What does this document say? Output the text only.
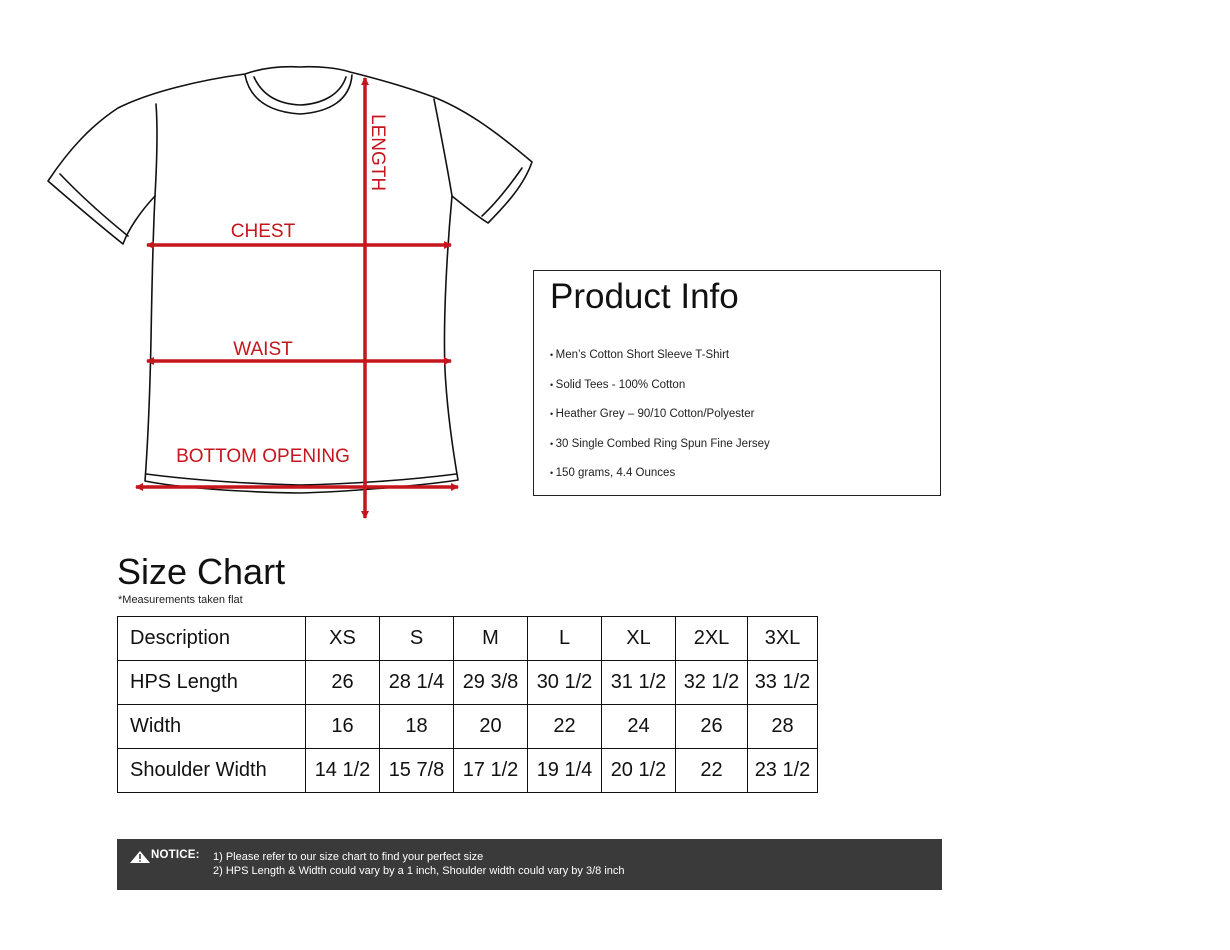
LENGTH
CHEST
WAIST
BOTTOM OPENING
Product Info
• Men’s Cotton Short Sleeve T-Shirt
• Solid Tees - 100% Cotton
• Heather Grey – 90/10 Cotton/Polyester
• 30 Single Combed Ring Spun Fine Jersey
• 150 grams, 4.4 Ounces
Size Chart
*Measurements taken flat
Description	XS	S	M	L	XL	2XL	3XL
HPS Length	26	28 1/4	29 3/8	30 1/2	31 1/2	32 1/2	33 1/2
Width	16	18	20	22	24	26	28
Shoulder Width	14 1/2	15 7/8	17 1/2	19 1/4	20 1/2	22	23 1/2
NOTICE: 1) Please refer to our size chart to find your perfect size
2) HPS Length & Width could vary by a 1 inch, Shoulder width could vary by 3/8 inch
